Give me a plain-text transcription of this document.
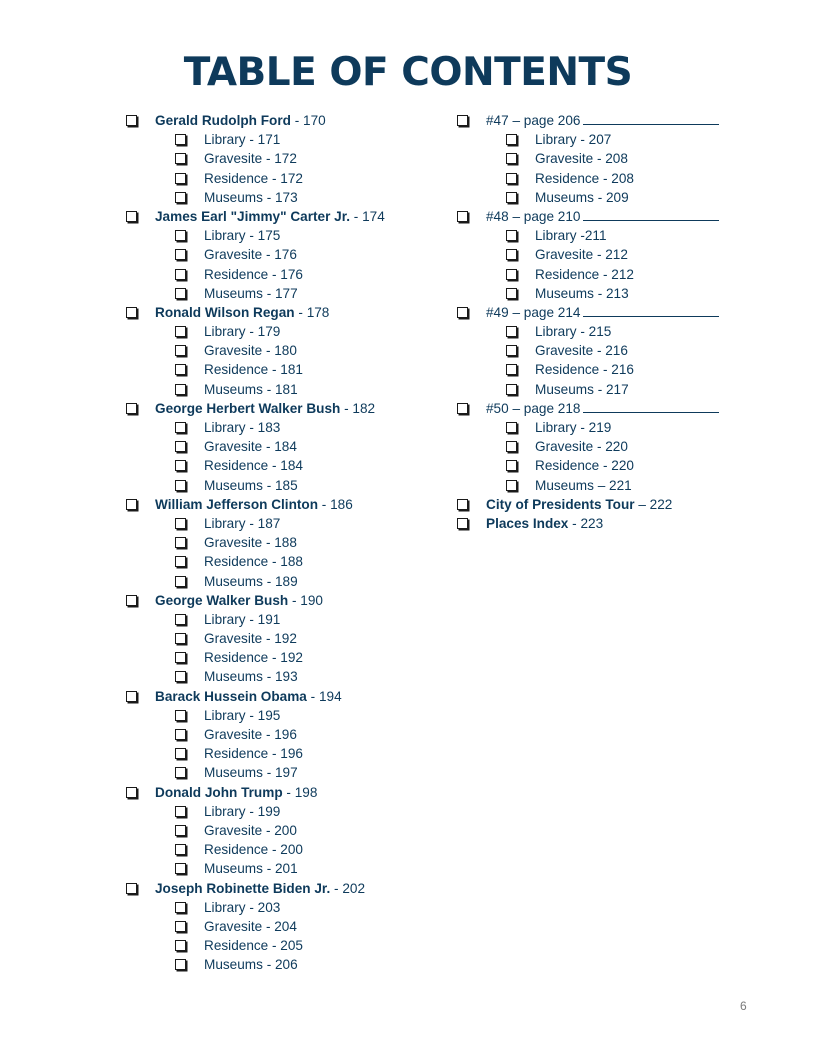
TABLE OF CONTENTS
Gerald Rudolph Ford - 170
Library - 171
Gravesite - 172
Residence - 172
Museums - 173
James Earl "Jimmy" Carter Jr. - 174
Library - 175
Gravesite - 176
Residence - 176
Museums - 177
Ronald Wilson Regan - 178
Library - 179
Gravesite - 180
Residence - 181
Museums - 181
George Herbert Walker Bush - 182
Library - 183
Gravesite - 184
Residence - 184
Museums - 185
William Jefferson Clinton - 186
Library - 187
Gravesite - 188
Residence - 188
Museums - 189
George Walker Bush - 190
Library - 191
Gravesite - 192
Residence - 192
Museums - 193
Barack Hussein Obama - 194
Library - 195
Gravesite - 196
Residence - 196
Museums - 197
Donald John Trump - 198
Library - 199
Gravesite - 200
Residence - 200
Museums - 201
Joseph Robinette Biden Jr. - 202
Library - 203
Gravesite - 204
Residence - 205
Museums - 206
#47 – page 206
Library - 207
Gravesite - 208
Residence - 208
Museums - 209
#48 – page 210
Library -211
Gravesite - 212
Residence - 212
Museums - 213
#49 – page 214
Library - 215
Gravesite - 216
Residence - 216
Museums - 217
#50 – page 218
Library - 219
Gravesite - 220
Residence - 220
Museums – 221
City of Presidents Tour – 222
Places Index - 223
6
